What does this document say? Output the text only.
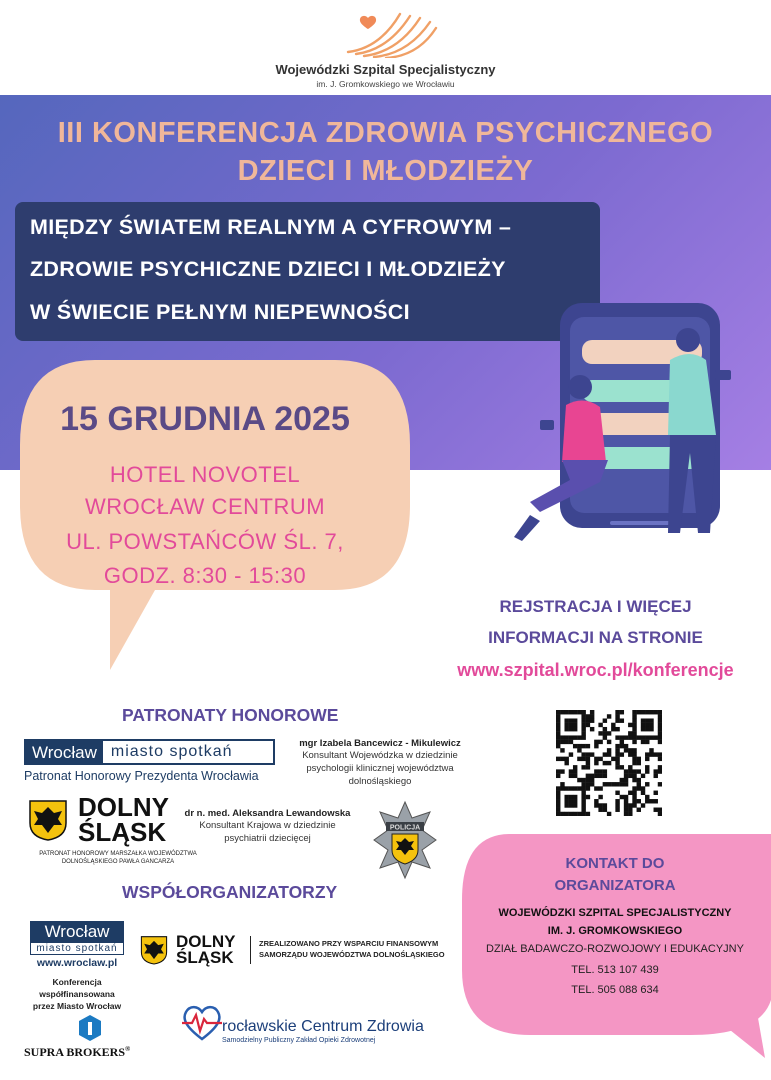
Wojewódzki Szpital Specjalistyczny
im. J. Gromkowskiego we Wrocławiu
III KONFERENCJA ZDROWIA PSYCHICZNEGO
DZIECI I MŁODZIEŻY
MIĘDZY ŚWIATEM REALNYM A CYFROWYM –
ZDROWIE PSYCHICZNE DZIECI I MŁODZIEŻY
W ŚWIECIE PEŁNYM NIEPEWNOŚCI
15 GRUDNIA 2025
HOTEL NOVOTEL
WROCŁAW CENTRUM
UL. POWSTAŃCÓW ŚL. 7,
GODZ. 8:30 - 15:30
REJSTRACJA I WIĘCEJ
INFORMACJI NA STRONIE
www.szpital.wroc.pl/konferencje
PATRONATY HONOROWE
Wrocław miasto spotkań
Patronat Honorowy Prezydenta Wrocławia
DOLNY
ŚLĄSK
PATRONAT HONOROWY MARSZAŁKA WOJEWÓDZTWA
DOLNOŚLĄSKIEGO PAWŁA GANCARZA
mgr Izabela Bancewicz - Mikulewicz
Konsultant Wojewódzka w dziedzinie
psychologii klinicznej województwa
dolnośląskiego
dr n. med. Aleksandra Lewandowska
Konsultant Krajowa w dziedzinie
psychiatrii dziecięcej
POLICJA
WSPÓŁORGANIZATORZY
Wrocław
miasto spotkań
www.wroclaw.pl
Konferencja współfinansowana
przez Miasto Wrocław
DOLNY
ŚLĄSK
ZREALIZOWANO PRZY WSPARCIU FINANSOWYM
SAMORZĄDU WOJEWÓDZTWA DOLNOŚLĄSKIEGO
SUPRA BROKERS®
rocławskie Centrum Zdrowia
Samodzielny Publiczny Zakład Opieki Zdrowotnej
KONTAKT DO
ORGANIZATORA
WOJEWÓDZKI SZPITAL SPECJALISTYCZNY
IM. J. GROMKOWSKIEGO
DZIAŁ BADAWCZO-ROZWOJOWY I EDUKACYJNY
TEL. 513 107 439
TEL. 505 088 634
